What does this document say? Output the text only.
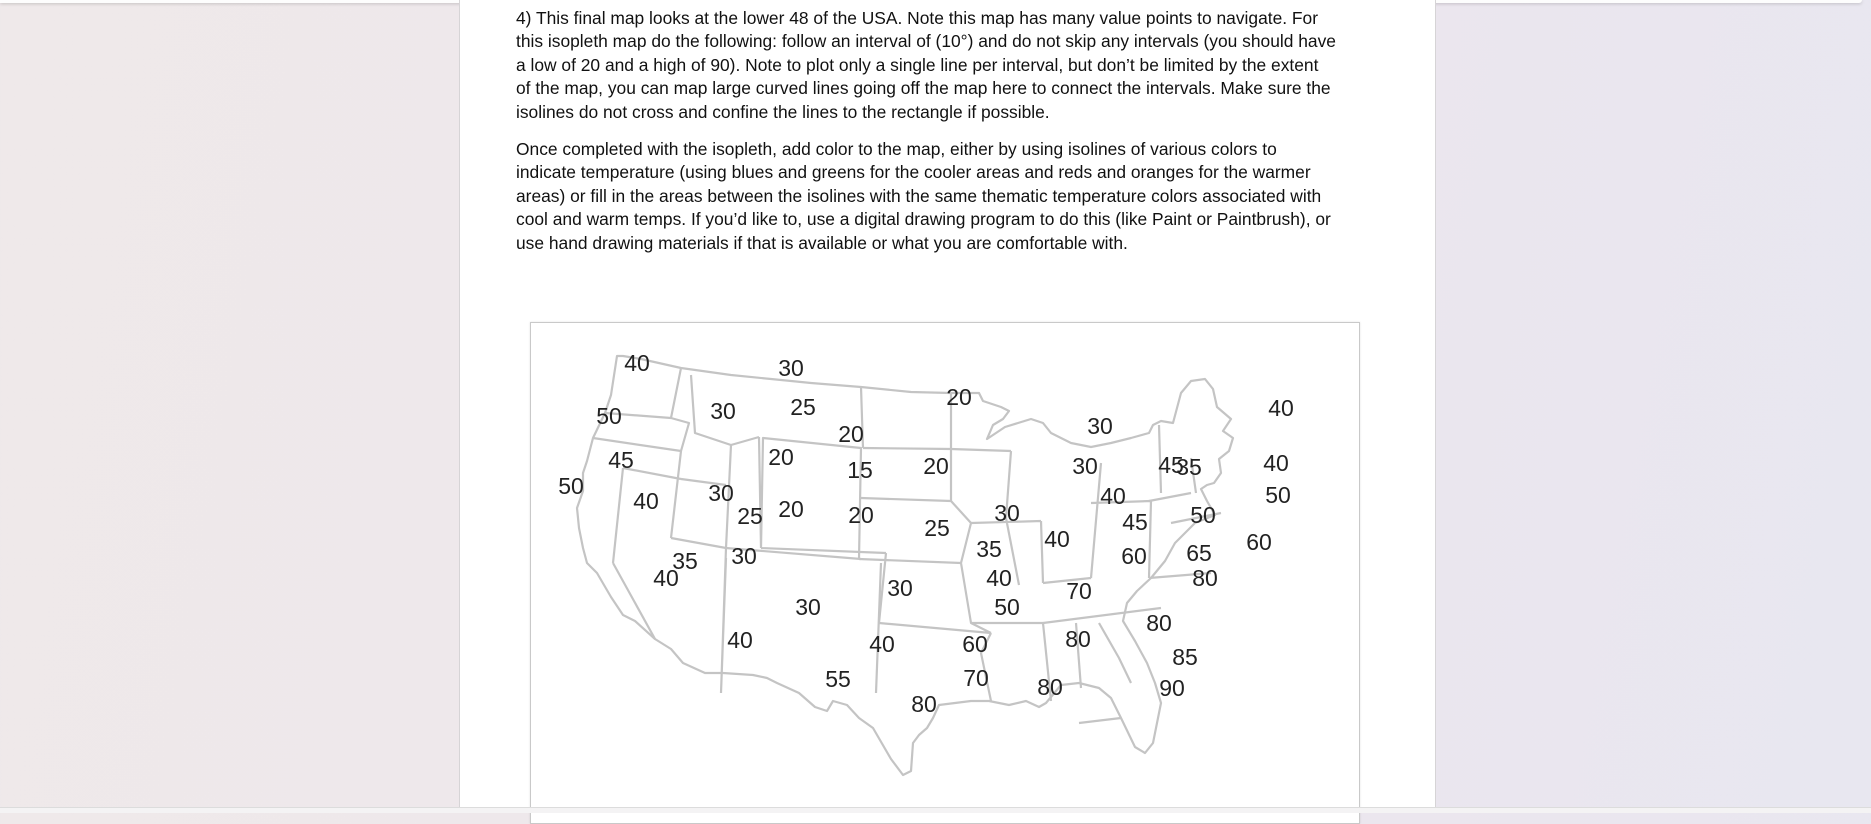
4) This final map looks at the lower 48 of the USA. Note this map has many value points to navigate. For this isopleth map do the following: follow an interval of (10°) and do not skip any intervals (you should have a low of 20 and a high of 90). Note to plot only a single line per interval, but don’t be limited by the extent of the map, you can map large curved lines going off the map here to connect the intervals. Make sure the isolines do not cross and confine the lines to the rectangle if possible.

Once completed with the isopleth, add color to the map, either by using isolines of various colors to indicate temperature (using blues and greens for the cooler areas and reds and oranges for the warmer areas) or fill in the areas between the isolines with the same thematic temperature colors associated with cool and warm temps. If you’d like to, use a digital drawing program to do this (like Paint or Paintbrush), or use hand drawing materials if that is available or what you are comfortable with.

40	30
50	30 25	20
20
40
30
45	20 15 20	30	40
35
50
45
50
40 30
25 20 20
40
30	45 50
25
35 40
60 65 60
35 30
40	80
40	30	70
30	50
80
40	40	60	80
55	70 80
85
90
80
